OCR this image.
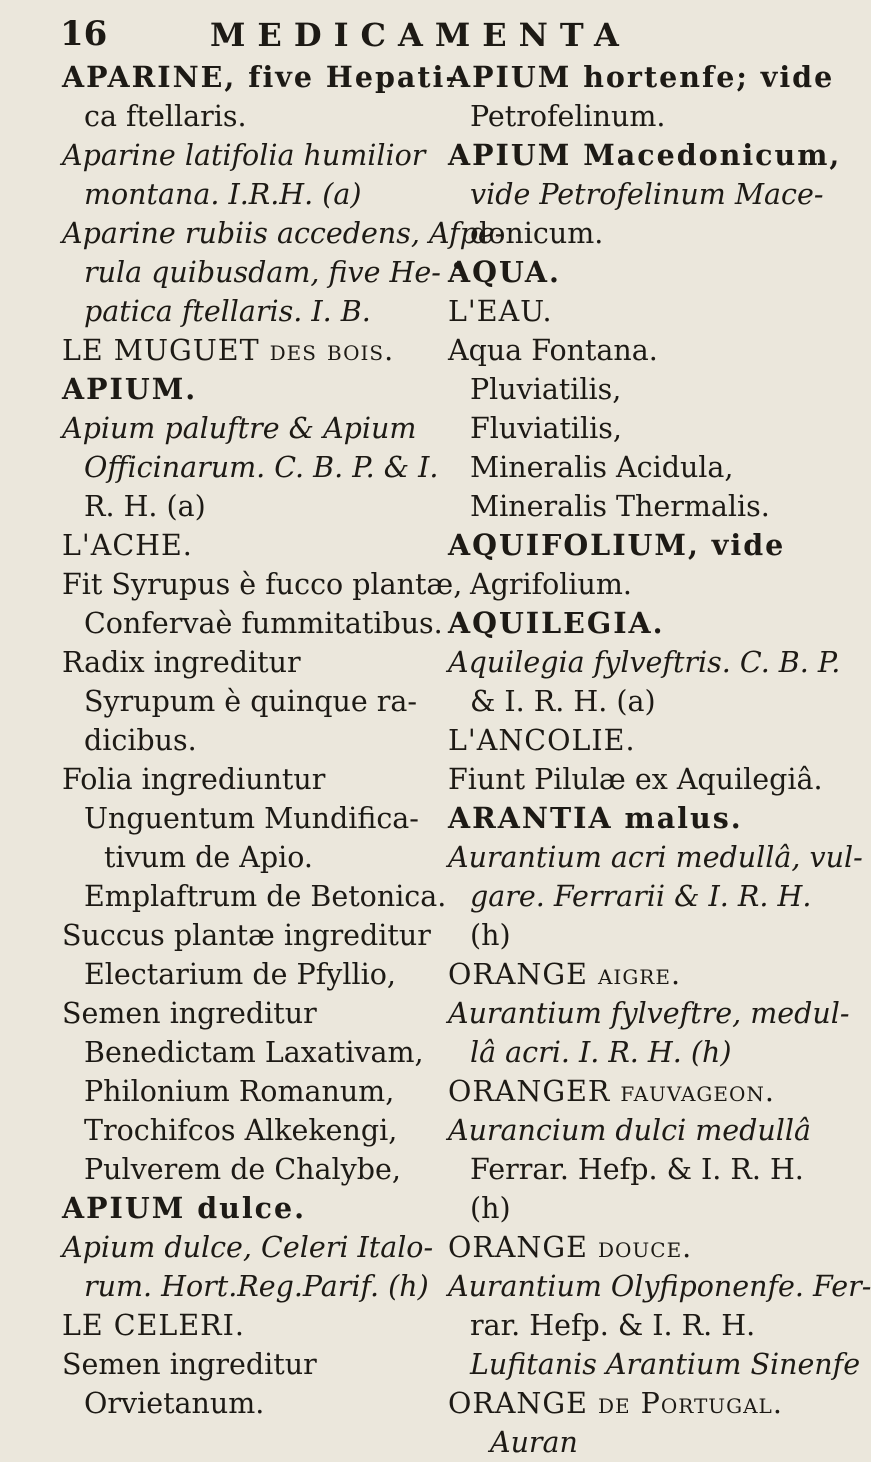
16	MEDICAMENTA
APARINE, five Hepati-
ca ftellaris.
Aparine latifolia humilior
montana. I.R.H. (a)
Aparine rubiis accedens, Afpe-
rula quibusdam, five He-
patica ftellaris. I. B.
LE MUGUET des bois.
APIUM.
Apium paluftre & Apium
Officinarum. C. B. P. & I.
R. H. (a)
L'ACHE.
Fit Syrupus è fucco plantæ,
Confervaè fummitatibus.
Radix ingreditur
Syrupum è quinque ra-
dicibus.
Folia ingrediuntur
Unguentum Mundifica-
tivum de Apio.
Emplaftrum de Betonica.
Succus plantæ ingreditur
Electarium de Pfyllio,
Semen ingreditur
Benedictam Laxativam,
Philonium Romanum,
Trochifcos Alkekengi,
Pulverem de Chalybe,
APIUM dulce.
Apium dulce, Celeri Italo-
rum. Hort.Reg.Parif. (h)
LE CELERI.
Semen ingreditur
Orvietanum.
APIUM hortenfe; vide
Petrofelinum.
APIUM Macedonicum,
vide Petrofelinum Mace-
donicum.
AQUA.
L'EAU.
Aqua Fontana.
Pluviatilis,
Fluviatilis,
Mineralis Acidula,
Mineralis Thermalis.
AQUIFOLIUM, vide
Agrifolium.
AQUILEGIA.
Aquilegia fylveftris. C. B. P.
& I. R. H. (a)
L'ANCOLIE.
Fiunt Pilulæ ex Aquilegiâ.
ARANTIA malus.
Aurantium acri medullâ, vul-
gare. Ferrarii & I. R. H.
(h)
ORANGE aigre.
Aurantium fylveftre, medul-
lâ acri. I. R. H. (h)
ORANGER fauvageon.
Aurancium dulci medullâ
Ferrar. Hefp. & I. R. H.
(h)
ORANGE douce.
Aurantium Olyfiponenfe. Fer-
rar. Hefp. & I. R. H.
Lufitanis Arantium Sinenfe
ORANGE de Portugal.
Auran
